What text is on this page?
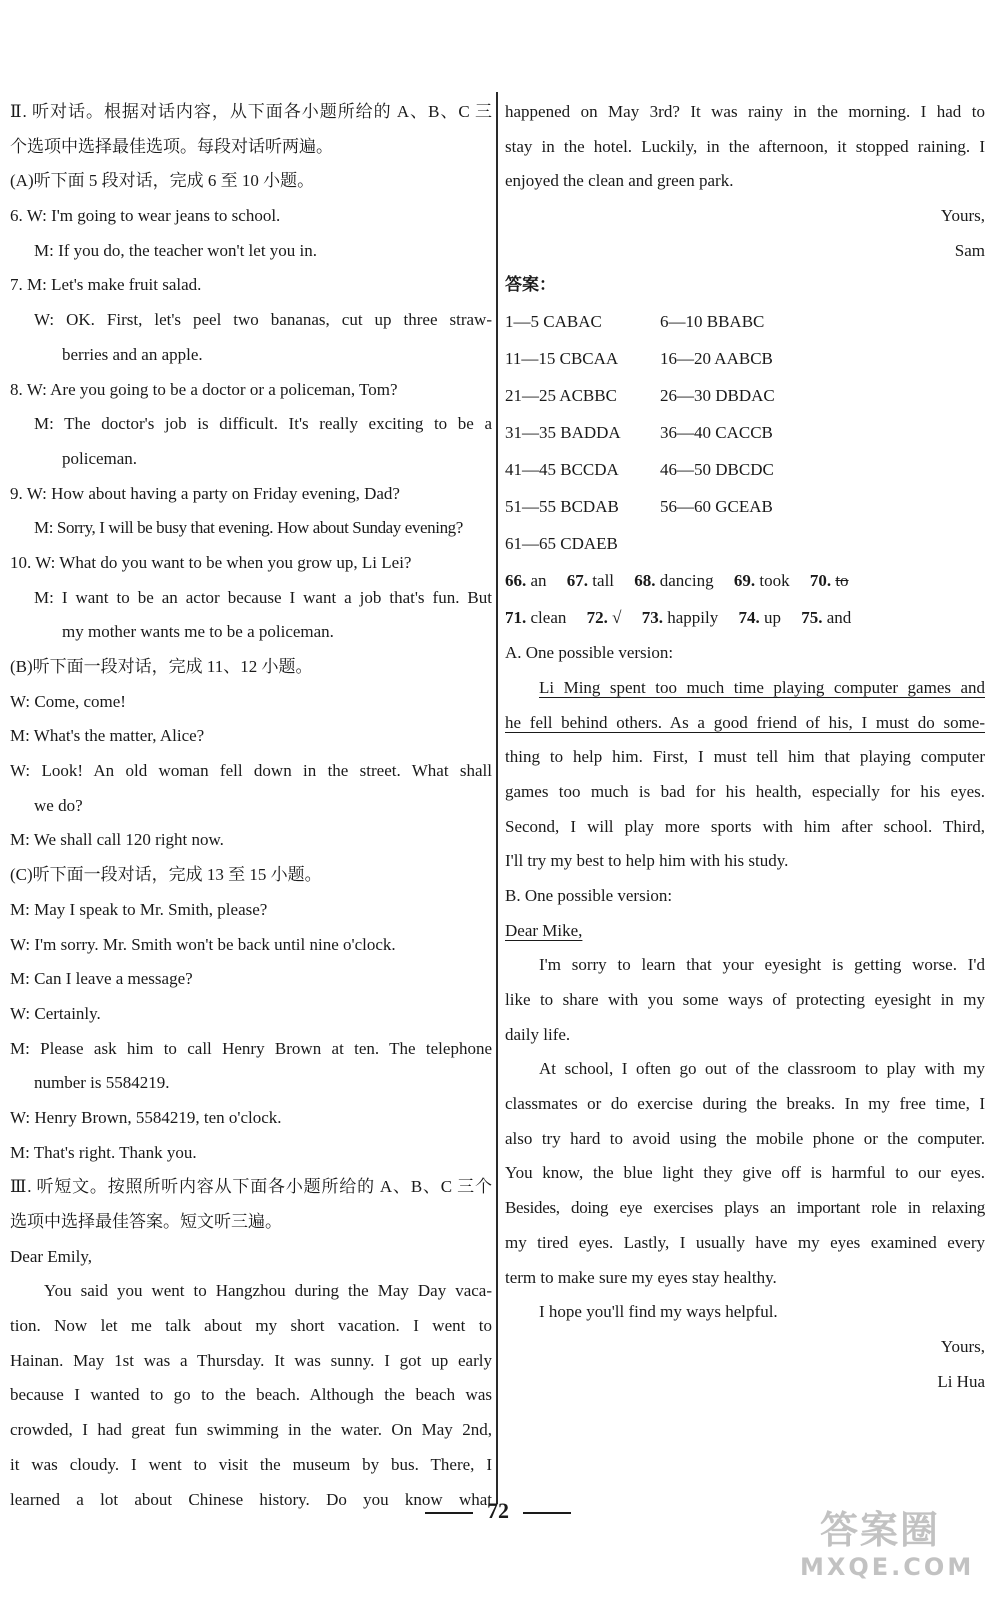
Ⅱ. 听对话。根据对话内容，从下面各小题所给的 A、B、C 三
个选项中选择最佳选项。每段对话听两遍。
(A)听下面 5 段对话，完成 6 至 10 小题。
6. W: I'm going to wear jeans to school.
M: If you do, the teacher won't let you in.
7. M: Let's make fruit salad.
W: OK. First, let's peel two bananas, cut up three straw-
berries and an apple.
8. W: Are you going to be a doctor or a policeman, Tom?
M: The doctor's job is difficult. It's really exciting to be a
policeman.
9. W: How about having a party on Friday evening, Dad?
M: Sorry, I will be busy that evening. How about Sunday evening?
10. W: What do you want to be when you grow up, Li Lei?
M: I want to be an actor because I want a job that's fun. But
my mother wants me to be a policeman.
(B)听下面一段对话，完成 11、12 小题。
W: Come, come!
M: What's the matter, Alice?
W: Look! An old woman fell down in the street. What shall
we do?
M: We shall call 120 right now.
(C)听下面一段对话，完成 13 至 15 小题。
M: May I speak to Mr. Smith, please?
W: I'm sorry. Mr. Smith won't be back until nine o'clock.
M: Can I leave a message?
W: Certainly.
M: Please ask him to call Henry Brown at ten. The telephone
number is 5584219.
W: Henry Brown, 5584219, ten o'clock.
M: That's right. Thank you.
Ⅲ. 听短文。按照所听内容从下面各小题所给的 A、B、C 三个
选项中选择最佳答案。短文听三遍。
Dear Emily,
You said you went to Hangzhou during the May Day vaca-
tion. Now let me talk about my short vacation. I went to
Hainan. May 1st was a Thursday. It was sunny. I got up early
because I wanted to go to the beach. Although the beach was
crowded, I had great fun swimming in the water. On May 2nd,
it was cloudy. I went to visit the museum by bus. There, I
learned a lot about Chinese history. Do you know what
happened on May 3rd? It was rainy in the morning. I had to
stay in the hotel. Luckily, in the afternoon, it stopped raining. I
enjoyed the clean and green park.
Yours,
Sam
答案：
1—5 CABAC	6—10 BBABC
11—15 CBCAA 16—20 AABCB
21—25 ACBBC	26—30 DBDAC
31—35 BADDA 36—40 CACCB
41—45 BCCDA 46—50 DBCDC
51—55 BCDAB 56—60 GCEAB
61—65 CDAEB
66. an 67. tall 68. dancing 69. took 70. to
71. clean 72. √ 73. happily 74. up 75. and
A. One possible version:
Li Ming spent too much time playing computer games and
he fell behind others. As a good friend of his, I must do some-
thing to help him. First, I must tell him that playing computer
games too much is bad for his health, especially for his eyes.
Second, I will play more sports with him after school. Third,
I'll try my best to help him with his study.
B. One possible version:
Dear Mike,
I'm sorry to learn that your eyesight is getting worse. I'd
like to share with you some ways of protecting eyesight in my
daily life.
At school, I often go out of the classroom to play with my
classmates or do exercise during the breaks. In my free time, I
also try hard to avoid using the mobile phone or the computer.
You know, the blue light they give off is harmful to our eyes.
Besides, doing eye exercises plays an important role in relaxing
my tired eyes. Lastly, I usually have my eyes examined every
term to make sure my eyes stay healthy.
I hope you'll find my ways helpful.
Yours,
Li Hua
72	答案圈
MXQE.COM
